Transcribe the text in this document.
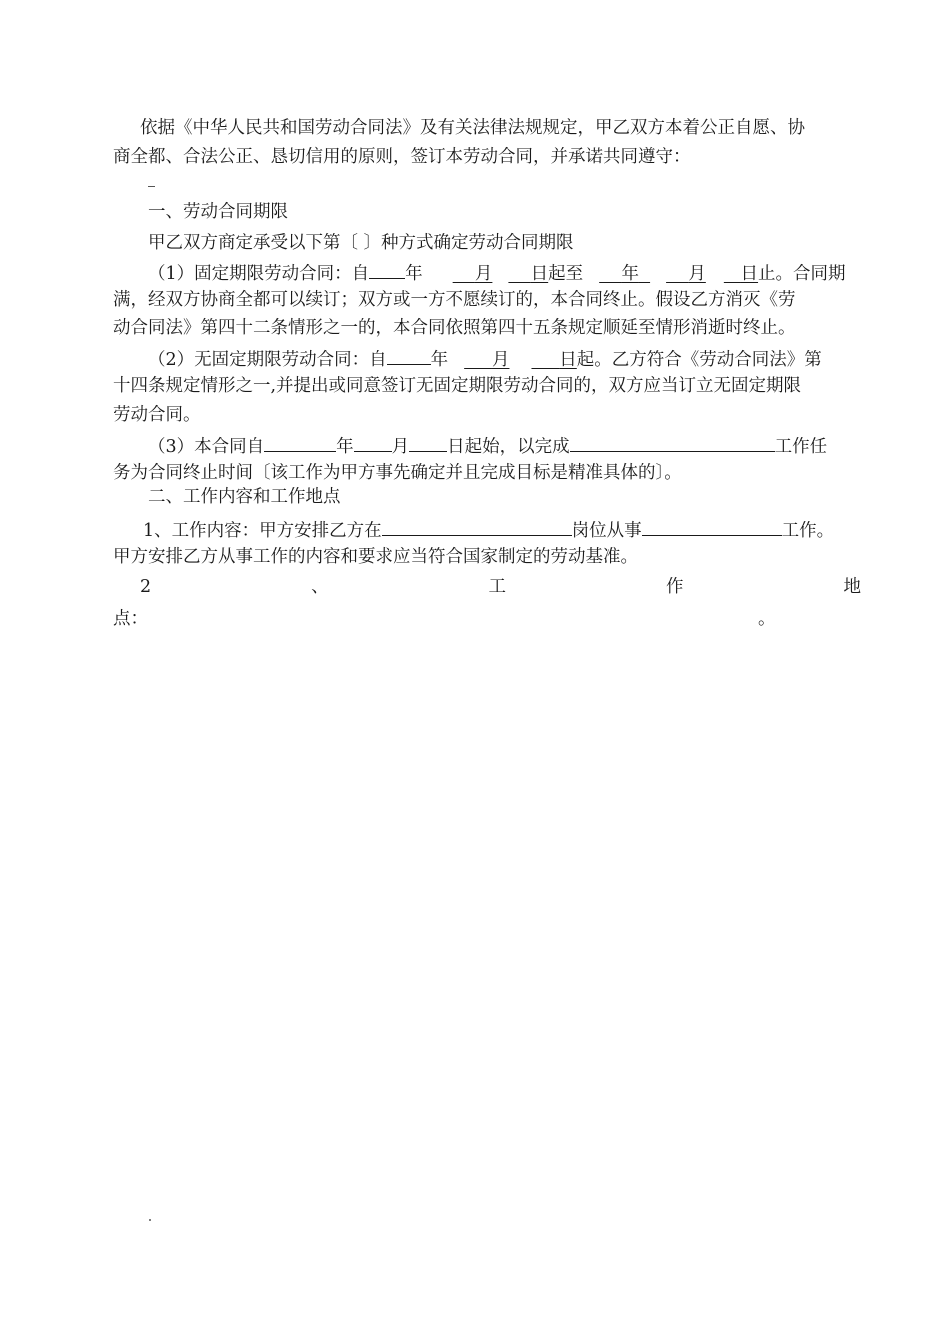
依据《中华人民共和国劳动合同法》及有关法律法规规定，甲乙双方本着公正自愿、协
商全都、合法公正、恳切信用的原则，签订本劳动合同，并承诺共同遵守：
一、劳动合同期限
甲乙双方商定承受以下第〔 〕种方式确定劳动合同期限
（1）固定期限劳动合同：自 年	月 日起至 年	月 日止。合同期
满，经双方协商全都可以续订；双方或一方不愿续订的，本合同终止。假设乙方消灭《劳
动合同法》第四十二条情形之一的，本合同依照第四十五条规定顺延至情形消逝时终止。
（2）无固定期限劳动合同：自	年	月	日起。乙方符合《劳动合同法》第
十四条规定情形之一,并提出或同意签订无固定期限劳动合同的，双方应当订立无固定期限
劳动合同。
（3）本合同自	年 月 日起始，以完成	工作任
务为合同终止时间〔该工作为甲方事先确定并且完成目标是精准具体的〕。
二、工作内容和工作地点
1、工作内容：甲方安排乙方在	岗位从事	工作。
甲方安排乙方从事工作的内容和要求应当符合国家制定的劳动基准。
2	、	工	作	地
点：	。
